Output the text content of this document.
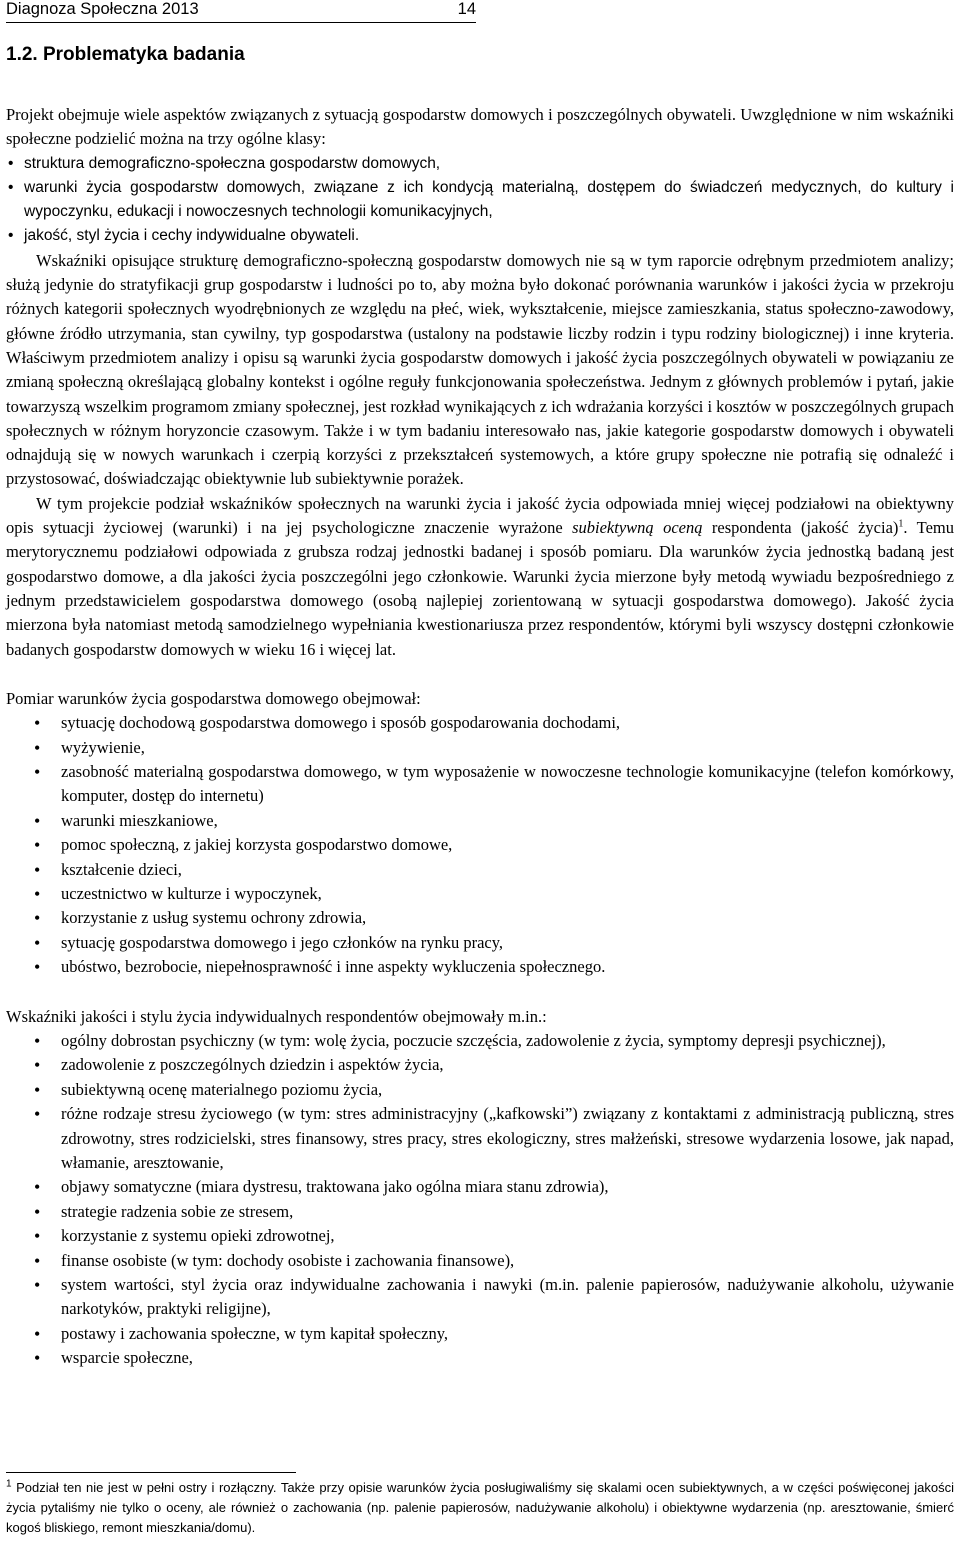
Diagnoza Społeczna 2013	14
1.2. Problematyka badania

Projekt obejmuje wiele aspektów związanych z sytuacją gospodarstw domowych i poszczególnych obywateli. Uwzględnione w nim wskaźniki społeczne podzielić można na trzy ogólne klasy:

• struktura demograficzno-społeczna gospodarstw domowych,
• warunki życia gospodarstw domowych, związane z ich kondycją materialną, dostępem do świadczeń medycznych, do kultury i wypoczynku, edukacji i nowoczesnych technologii komunikacyjnych,
• jakość, styl życia i cechy indywidualne obywateli.

Wskaźniki opisujące strukturę demograficzno-społeczną gospodarstw domowych nie są w tym raporcie odrębnym przedmiotem analizy; służą jedynie do stratyfikacji grup gospodarstw i ludności po to, aby można było dokonać porównania warunków i jakości życia w przekroju różnych kategorii społecznych wyodrębnionych ze względu na płeć, wiek, wykształcenie, miejsce zamieszkania, status społeczno-zawodowy, główne źródło utrzymania, stan cywilny, typ gospodarstwa (ustalony na podstawie liczby rodzin i typu rodziny biologicznej) i inne kryteria. Właściwym przedmiotem analizy i opisu są warunki życia gospodarstw domowych i jakość życia poszczególnych obywateli w powiązaniu ze zmianą społeczną określającą globalny kontekst i ogólne reguły funkcjonowania społeczeństwa. Jednym z głównych problemów i pytań, jakie towarzyszą wszelkim programom zmiany społecznej, jest rozkład wynikających z ich wdrażania korzyści i kosztów w poszczególnych grupach społecznych w różnym horyzoncie czasowym. Także i w tym badaniu interesowało nas, jakie kategorie gospodarstw domowych i obywateli odnajdują się w nowych warunkach i czerpią korzyści z przekształceń systemowych, a które grupy społeczne nie potrafią się odnaleźć i przystosować, doświadczając obiektywnie lub subiektywnie porażek.

W tym projekcie podział wskaźników społecznych na warunki życia i jakość życia odpowiada mniej więcej podziałowi na obiektywny opis sytuacji życiowej (warunki) i na jej psychologiczne znaczenie wyrażone subiektywną oceną respondenta (jakość życia)$^1$. Temu merytorycznemu podziałowi odpowiada z grubsza rodzaj jednostki badanej i sposób pomiaru. Dla warunków życia jednostką badaną jest gospodarstwo domowe, a dla jakości życia poszczególni jego członkowie. Warunki życia mierzone były metodą wywiadu bezpośredniego z jednym przedstawicielem gospodarstwa domowego (osobą najlepiej zorientowaną w sytuacji gospodarstwa domowego). Jakość życia mierzona była natomiast metodą samodzielnego wypełniania kwestionariusza przez respondentów, którymi byli wszyscy dostępni członkowie badanych gospodarstw domowych w wieku 16 i więcej lat.

Pomiar warunków życia gospodarstwa domowego obejmował:

• sytuację dochodową gospodarstwa domowego i sposób gospodarowania dochodami,
• wyżywienie,
• zasobność materialną gospodarstwa domowego, w tym wyposażenie w nowoczesne technologie komunikacyjne (telefon komórkowy, komputer, dostęp do internetu)
• warunki mieszkaniowe,
• pomoc społeczną, z jakiej korzysta gospodarstwo domowe,
• kształcenie dzieci,
• uczestnictwo w kulturze i wypoczynek,
• korzystanie z usług systemu ochrony zdrowia,
• sytuację gospodarstwa domowego i jego członków na rynku pracy,
• ubóstwo, bezrobocie, niepełnosprawność i inne aspekty wykluczenia społecznego.

Wskaźniki jakości i stylu życia indywidualnych respondentów obejmowały m.in.:

• ogólny dobrostan psychiczny (w tym: wolę życia, poczucie szczęścia, zadowolenie z życia, symptomy depresji psychicznej),
• zadowolenie z poszczególnych dziedzin i aspektów życia,
• subiektywną ocenę materialnego poziomu życia,
• różne rodzaje stresu życiowego (w tym: stres administracyjny („kafkowski”) związany z kontaktami z administracją publiczną, stres zdrowotny, stres rodzicielski, stres finansowy, stres pracy, stres ekologiczny, stres małżeński, stresowe wydarzenia losowe, jak napad, włamanie, aresztowanie,
• objawy somatyczne (miara dystresu, traktowana jako ogólna miara stanu zdrowia),
• strategie radzenia sobie ze stresem,
• korzystanie z systemu opieki zdrowotnej,
• finanse osobiste (w tym: dochody osobiste i zachowania finansowe),
• system wartości, styl życia oraz indywidualne zachowania i nawyki (m.in. palenie papierosów, nadużywanie alkoholu, używanie narkotyków, praktyki religijne),
• postawy i zachowania społeczne, w tym kapitał społeczny,
• wsparcie społeczne,
$^1$ Podział ten nie jest w pełni ostry i rozłączny. Także przy opisie warunków życia posługiwaliśmy się skalami ocen subiektywnych, a w części poświęconej jakości życia pytaliśmy nie tylko o oceny, ale również o zachowania (np. palenie papierosów, nadużywanie alkoholu) i obiektywne wydarzenia (np. aresztowanie, śmierć kogoś bliskiego, remont mieszkania/domu).
